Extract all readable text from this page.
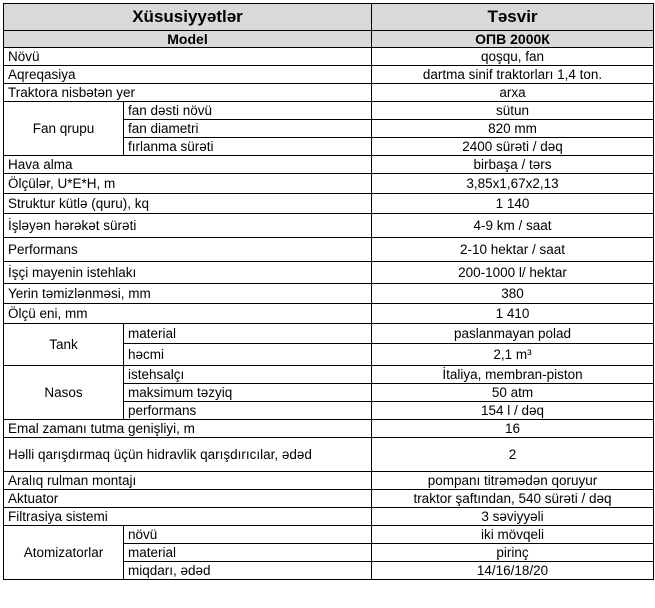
Xüsusiyyətlər		Təsvir
Model		ОПВ 2000К
Növü		qoşqu, fan
Aqreqasiya		dartma sinif traktorları 1,4 ton.
Traktora nisbətən yer		arxa
Fan qrupu	fan dəsti növü	sütun
	fan diametri	820 mm
	fırlanma sürəti	2400 sürəti / dəq
Hava alma		birbaşa / tərs
Ölçülər, U*E*H, m		3,85x1,67x2,13
Struktur kütlə (quru), kq		1 140
İşləyən hərəkət sürəti		4-9 km / saat
Performans		2-10 hektar / saat
İşçi mayenin istehlakı		200-1000 l/ hektar
Yerin təmizlənməsi, mm		380
Ölçü eni, mm		1 410
Tank	material	paslanmayan polad
	həcmi	2,1 m³
Nasos	istehsalçı	İtaliya, membran-piston
	maksimum təzyiq	50 atm
	performans	154 l / dəq
Emal zamanı tutma genişliyi, m		16
Həlli qarışdırmaq üçün hidravlik qarışdırıcılar, ədəd		2
Aralıq rulman montajı		pompanı titrəmədən qoruyur
Aktuator		traktor şaftından, 540 sürəti / dəq
Filtrasiya sistemi		3 səviyyəli
Atomizatorlar	növü	iki mövqeli
	material	pirinç
	miqdarı, ədəd	14/16/18/20
